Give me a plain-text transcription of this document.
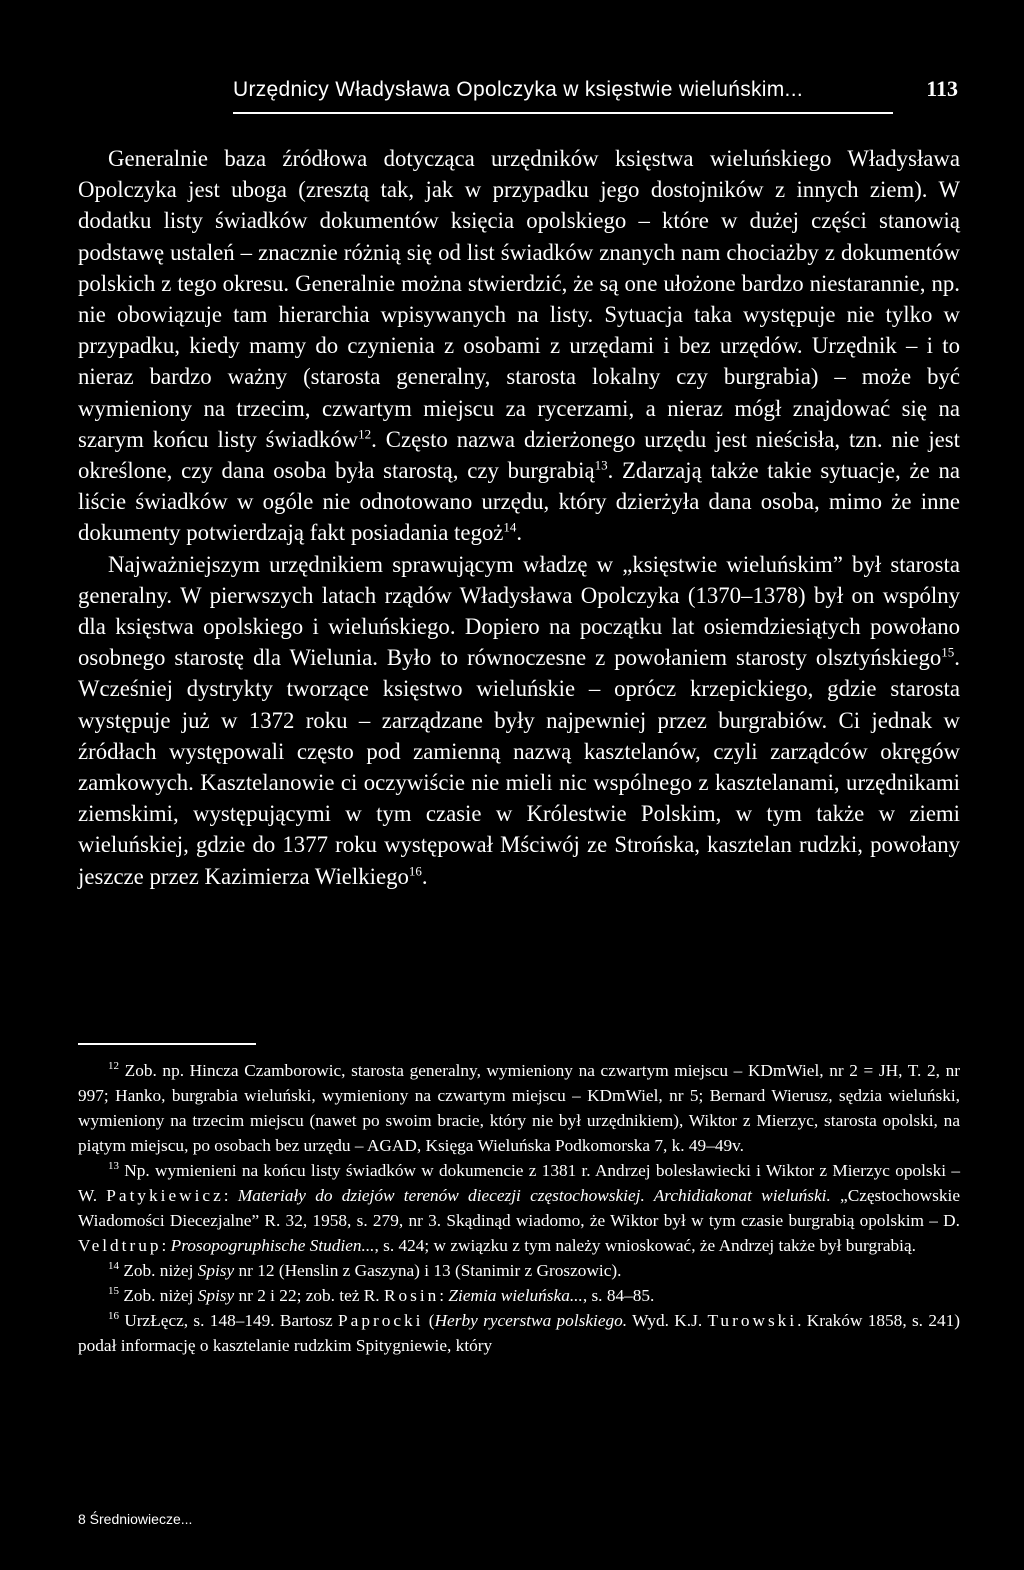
Urzędnicy Władysława Opolczyka w księstwie wieluńskim...	113

Generalnie baza źródłowa dotycząca urzędników księstwa wieluńskiego Władysława Opolczyka jest uboga (zresztą tak, jak w przypadku jego dostojników z innych ziem). W dodatku listy świadków dokumentów księcia opolskiego – które w dużej części stanowią podstawę ustaleń – znacznie różnią się od list świadków znanych nam chociażby z dokumentów polskich z tego okresu. Generalnie można stwierdzić, że są one ułożone bardzo niestarannie, np. nie obowiązuje tam hierarchia wpisywanych na listy. Sytuacja taka występuje nie tylko w przypadku, kiedy mamy do czynienia z osobami z urzędami i bez urzędów. Urzędnik – i to nieraz bardzo ważny (starosta generalny, starosta lokalny czy burgrabia) – może być wymieniony na trzecim, czwartym miejscu za rycerzami, a nieraz mógł znajdować się na szarym końcu listy świadków$^{12}$. Często nazwa dzierżonego urzędu jest nieścisła, tzn. nie jest określone, czy dana osoba była starostą, czy burgrabią$^{13}$. Zdarzają także takie sytuacje, że na liście świadków w ogóle nie odnotowano urzędu, który dzierżyła dana osoba, mimo że inne dokumenty potwierdzają fakt posiadania tegoż$^{14}$.

Najważniejszym urzędnikiem sprawującym władzę w „księstwie wieluńskim” był starosta generalny. W pierwszych latach rządów Władysława Opolczyka (1370–1378) był on wspólny dla księstwa opolskiego i wieluńskiego. Dopiero na początku lat osiemdziesiątych powołano osobnego starostę dla Wielunia. Było to równoczesne z powołaniem starosty olsztyńskiego$^{15}$. Wcześniej dystrykty tworzące księstwo wieluńskie – oprócz krzepickiego, gdzie starosta występuje już w 1372 roku – zarządzane były najpewniej przez burgrabiów. Ci jednak w źródłach występowali często pod zamienną nazwą kasztelanów, czyli zarządców okręgów zamkowych. Kasztelanowie ci oczywiście nie mieli nic wspólnego z kasztelanami, urzędnikami ziemskimi, występującymi w tym czasie w Królestwie Polskim, w tym także w ziemi wieluńskiej, gdzie do 1377 roku występował Mściwój ze Strońska, kasztelan rudzki, powołany jeszcze przez Kazimierza Wielkiego$^{16}$.

$^{12}$ Zob. np. Hincza Czamborowic, starosta generalny, wymieniony na czwartym miejscu – KDmWiel, nr 2 = JH, T. 2, nr 997; Hanko, burgrabia wieluński, wymieniony na czwartym miejscu – KDmWiel, nr 5; Bernard Wierusz, sędzia wieluński, wymieniony na trzecim miejscu (nawet po swoim bracie, który nie był urzędnikiem), Wiktor z Mierzyc, starosta opolski, na piątym miejscu, po osobach bez urzędu – AGAD, Księga Wieluńska Podkomorska 7, k. 49–49v.

$^{13}$ Np. wymienieni na końcu listy świadków w dokumencie z 1381 r. Andrzej bolesławiecki i Wiktor z Mierzyc opolski – W. Patykiewicz: Materiały do dziejów terenów diecezji częstochowskiej. Archidiakonat wieluński. „Częstochowskie Wiadomości Diecezjalne” R. 32, 1958, s. 279, nr 3. Skądinąd wiadomo, że Wiktor był w tym czasie burgrabią opolskim – D. Veldtrup: Prosopogruphische Studien..., s. 424; w związku z tym należy wnioskować, że Andrzej także był burgrabią.

$^{14}$ Zob. niżej Spisy nr 12 (Henslin z Gaszyna) i 13 (Stanimir z Groszowic).

$^{15}$ Zob. niżej Spisy nr 2 i 22; zob. też R. Rosin: Ziemia wieluńska..., s. 84–85.

$^{16}$ UrzŁęcz, s. 148–149. Bartosz Paprocki (Herby rycerstwa polskiego. Wyd. K.J. Turowski. Kraków 1858, s. 241) podał informację o kasztelanie rudzkim Spitygniewie, który

8 Średniowiecze...
